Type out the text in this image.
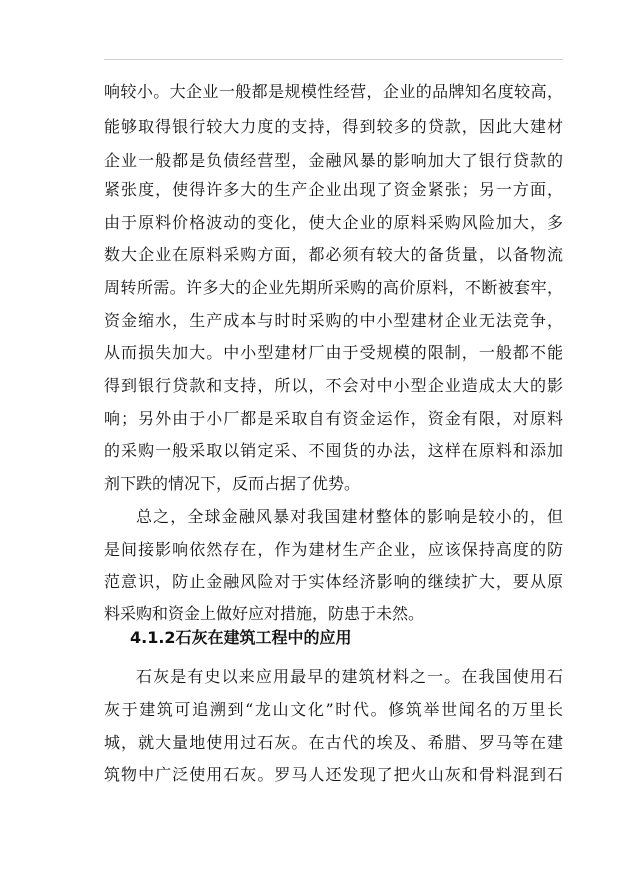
响较小。大企业一般都是规模性经营，企业的品牌知名度较高，
能够取得银行较大力度的支持，得到较多的贷款，因此大建材
企业一般都是负债经营型，金融风暴的影响加大了银行贷款的
紧张度，使得许多大的生产企业出现了资金紧张；另一方面，
由于原料价格波动的变化，使大企业的原料采购风险加大，多
数大企业在原料采购方面，都必须有较大的备货量，以备物流
周转所需。许多大的企业先期所采购的高价原料，不断被套牢，
资金缩水，生产成本与时时采购的中小型建材企业无法竞争，
从而损失加大。中小型建材厂由于受规模的限制，一般都不能
得到银行贷款和支持，所以，不会对中小型企业造成太大的影
响；另外由于小厂都是采取自有资金运作，资金有限，对原料
的采购一般采取以销定采、不囤货的办法，这样在原料和添加
剂下跌的情况下，反而占据了优势。
总之，全球金融风暴对我国建材整体的影响是较小的，但
是间接影响依然存在，作为建材生产企业，应该保持高度的防
范意识，防止金融风险对于实体经济影响的继续扩大，要从原
料采购和资金上做好应对措施，防患于未然。
4.1.2石灰在建筑工程中的应用
石灰是有史以来应用最早的建筑材料之一。在我国使用石
灰于建筑可追溯到“龙山文化”时代。修筑举世闻名的万里长
城，就大量地使用过石灰。在古代的埃及、希腊、罗马等在建
筑物中广泛使用石灰。罗马人还发现了把火山灰和骨料混到石
